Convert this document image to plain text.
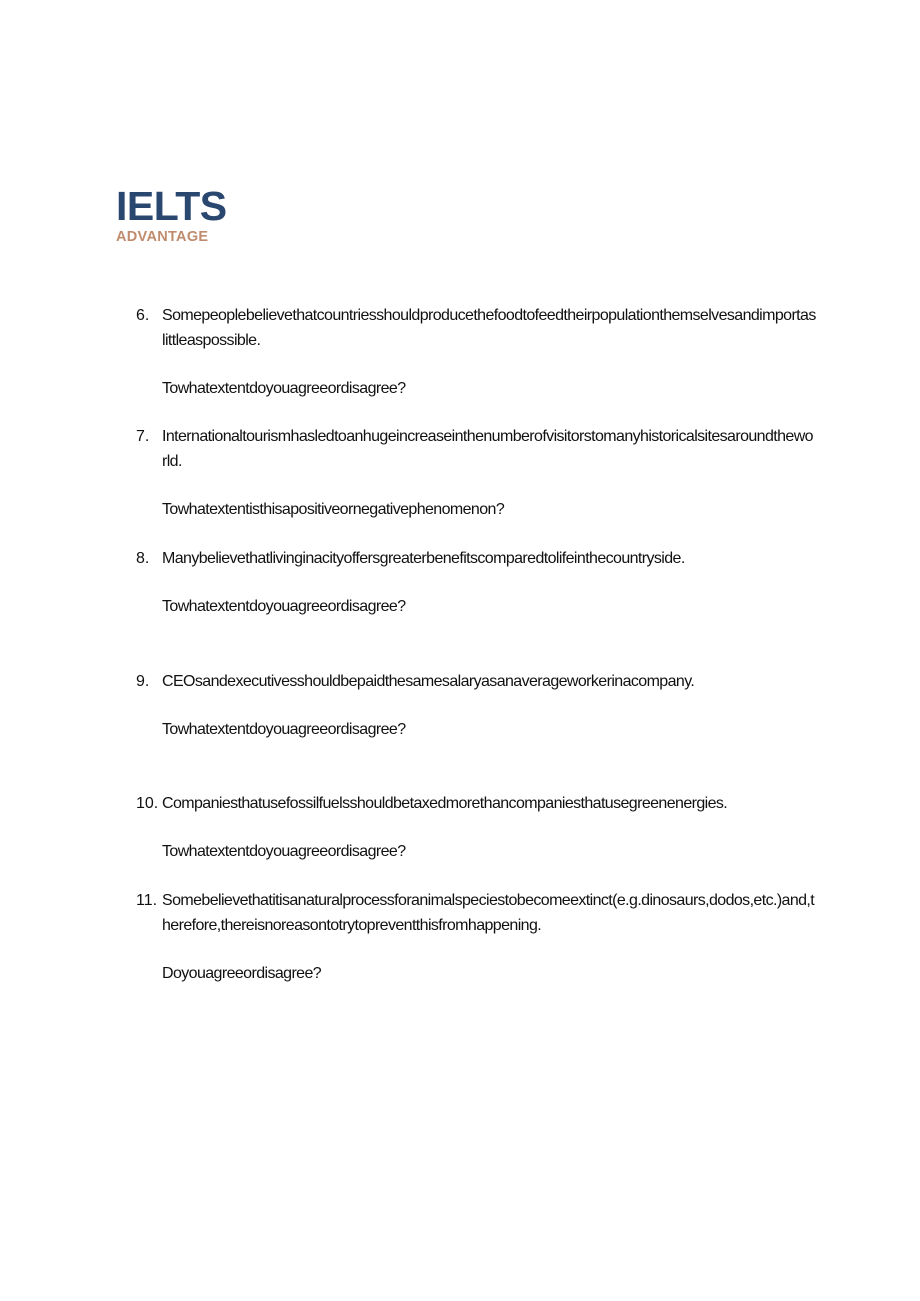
IELTS
ADVANTAGE
6. Somepeoplebelievethatcountriesshouldproducethefoodtofeedtheirpopulationthemselvesandimportaslittleaspossible.
Towhatextentdoyouagreeordisagree?
7. Internationaltourismhasledtoanhugeincreaseinthenumberofvisitorstomanyhistoricalsitesaroundtheworld.
Towhatextentisthisapositiveornegativephenomenon?
8. Manybelievethatlivinginacityoffersgreaterbenefitscomparedtolifeinthecountryside.
Towhatextentdoyouagreeordisagree?
9. CEOsandexecutivesshouldbepaidthesamesalaryasanaverageworkerinacompany.
Towhatextentdoyouagreeordisagree?
10. Companiesthatusefossilfuelsshouldbetaxedmorethancompaniesthatusegreenenergies.
Towhatextentdoyouagreeordisagree?
11. Somebelievethatitisanaturalprocessforanimalspeciestobecomeextinct(e.g.dinosaurs,dodos,etc.)and,therefore,thereisnoreasontotrytopreventthisfromhappening.
Doyouagreeordisagree?
